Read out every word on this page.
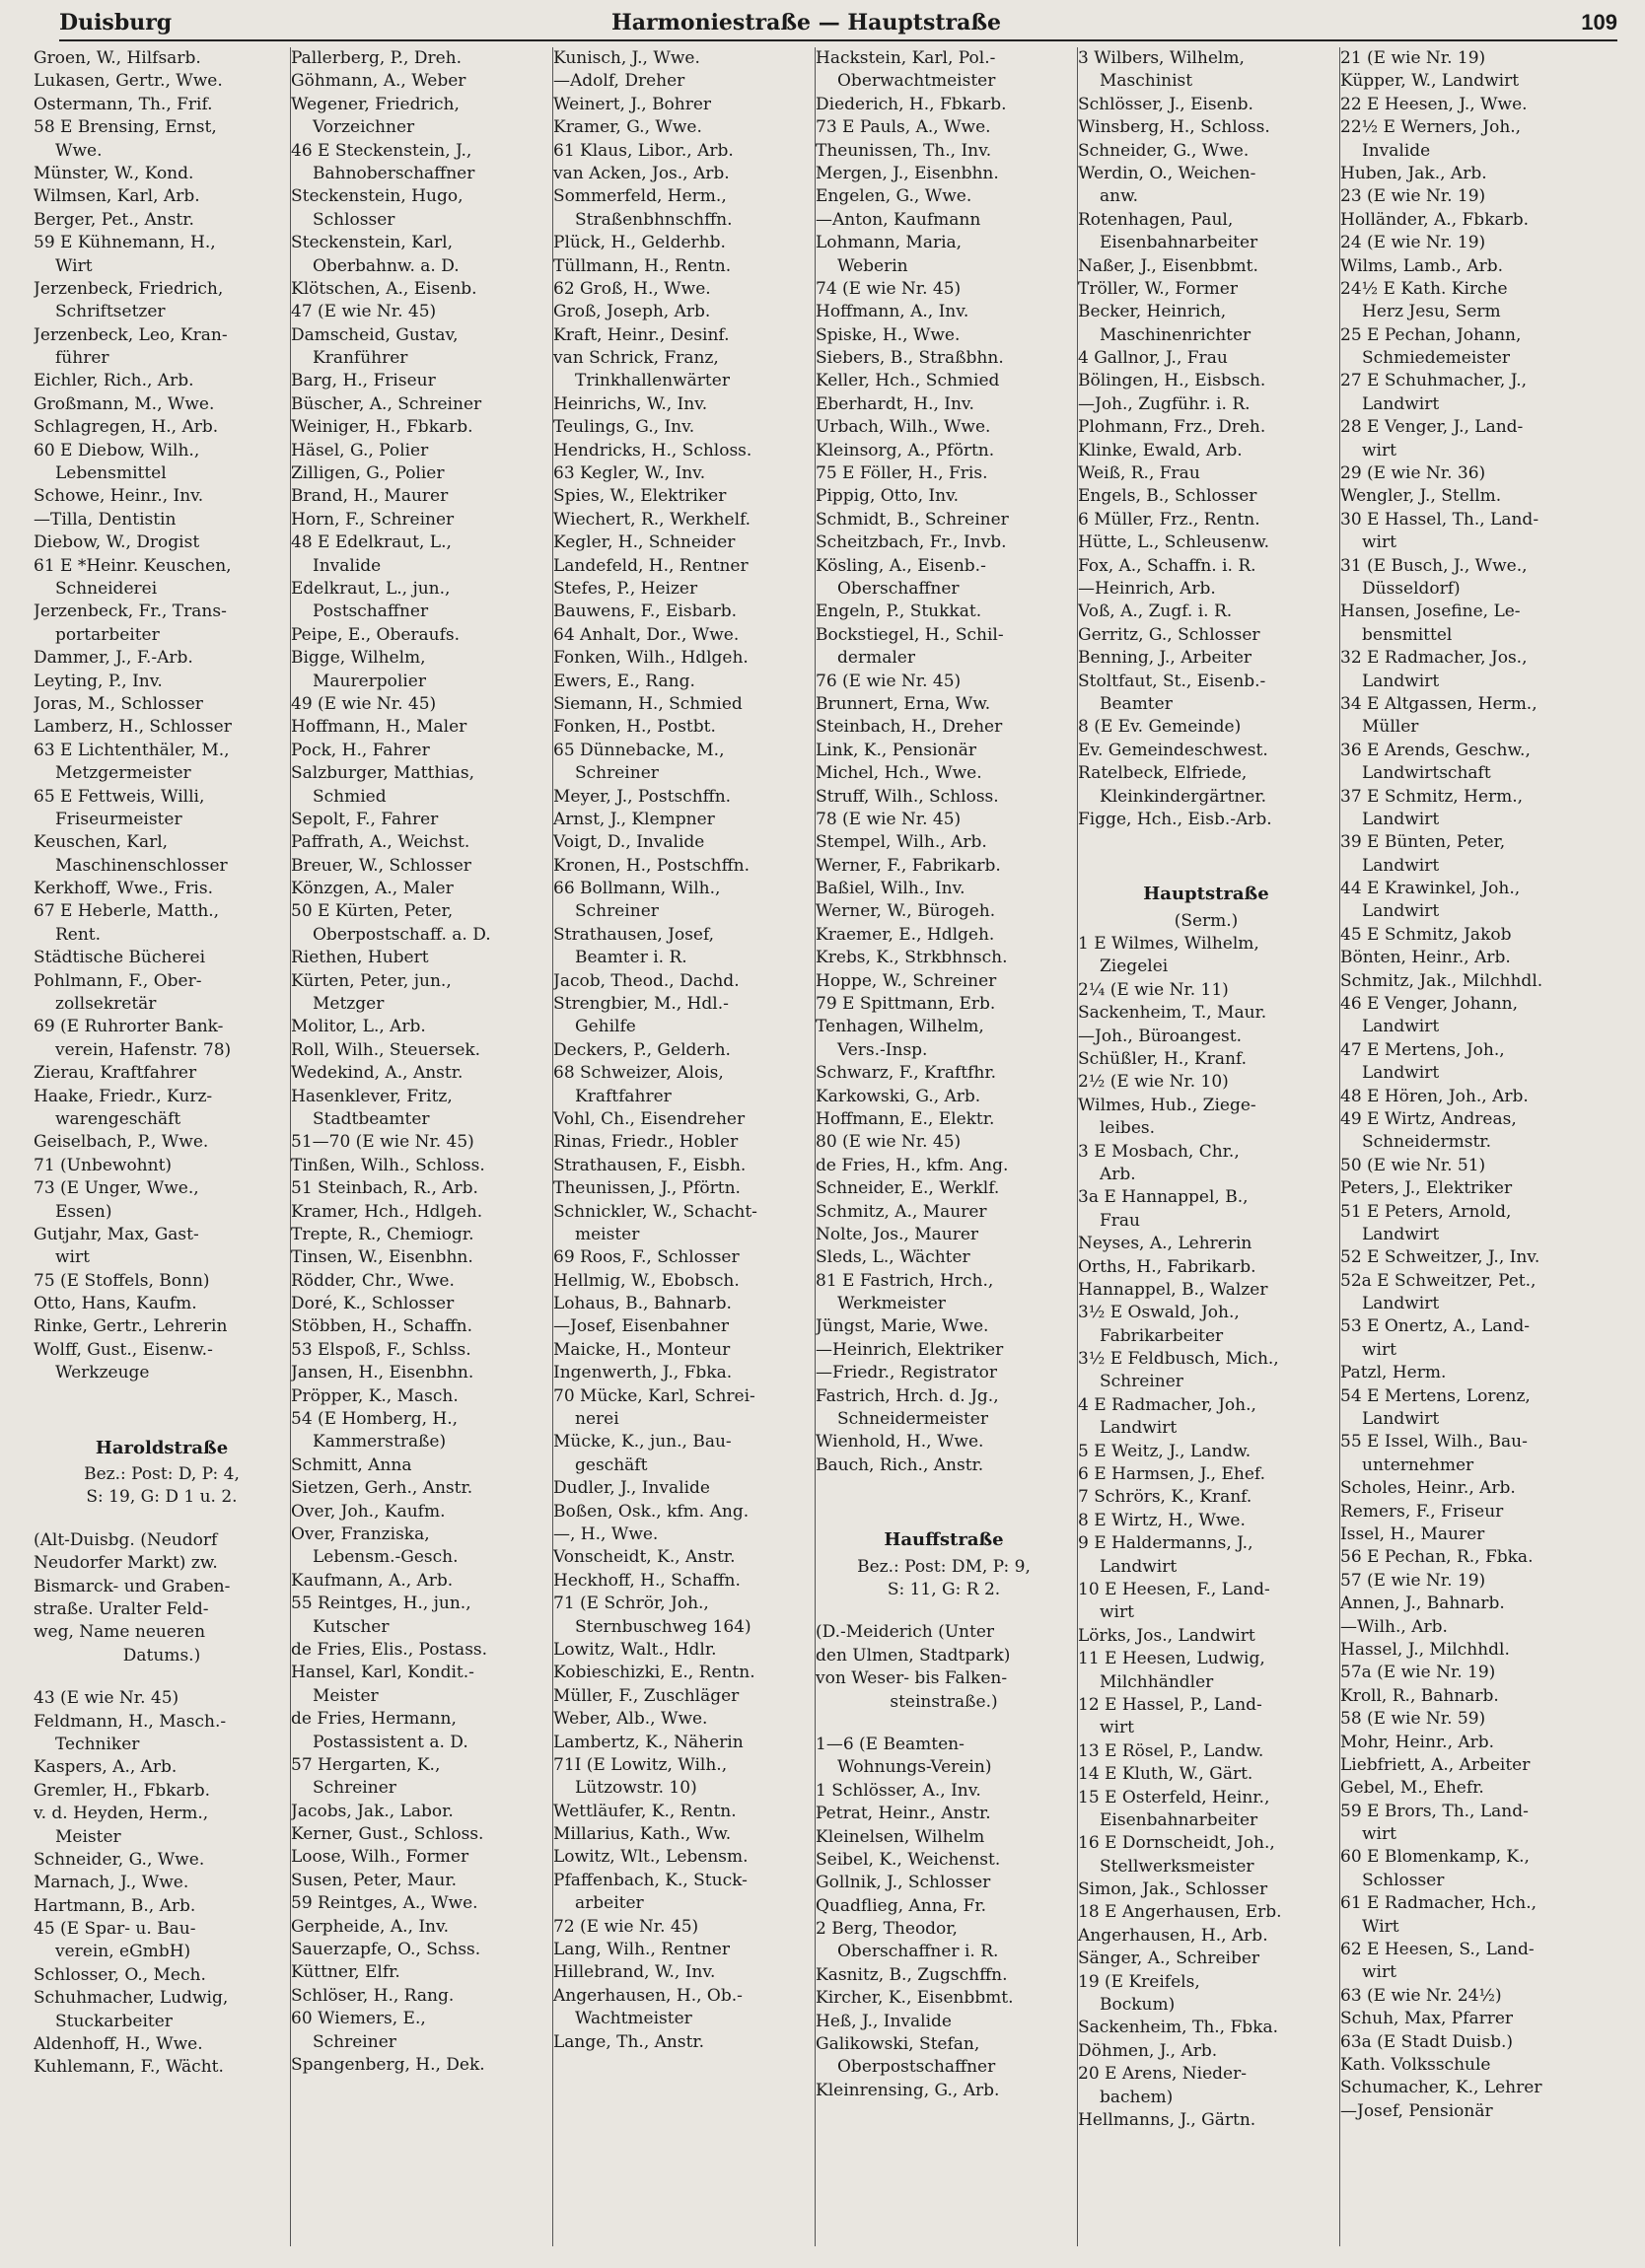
Duisburg	Harmoniestraße — Hauptstraße	109
Groen, W., Hilfsarb.
Lukasen, Gertr., Wwe.
Ostermann, Th., Frif.
58 E Brensing, Ernst,
Wwe.
Münster, W., Kond.
Wilmsen, Karl, Arb.
Berger, Pet., Anstr.
59 E Kühnemann, H.,
Wirt
Jerzenbeck, Friedrich,
Schriftsetzer
Jerzenbeck, Leo, Kran-
führer
Eichler, Rich., Arb.
Großmann, M., Wwe.
Schlagregen, H., Arb.
60 E Diebow, Wilh.,
Lebensmittel
Schowe, Heinr., Inv.
—Tilla, Dentistin
Diebow, W., Drogist
61 E *Heinr. Keuschen,
Schneiderei
Jerzenbeck, Fr., Trans-
portarbeiter
Dammer, J., F.-Arb.
Leyting, P., Inv.
Joras, M., Schlosser
Lamberz, H., Schlosser
63 E Lichtenthäler, M.,
Metzgermeister
65 E Fettweis, Willi,
Friseurmeister
Keuschen, Karl,
Maschinenschlosser
Kerkhoff, Wwe., Fris.
67 E Heberle, Matth.,
Rent.
Städtische Bücherei
Pohlmann, F., Ober-
zollsekretär
69 (E Ruhrorter Bank-
verein, Hafenstr. 78)
Zierau, Kraftfahrer
Haake, Friedr., Kurz-
warengeschäft
Geiselbach, P., Wwe.
71 (Unbewohnt)
73 (E Unger, Wwe.,
Essen)
Gutjahr, Max, Gast-
wirt
75 (E Stoffels, Bonn)
Otto, Hans, Kaufm.
Rinke, Gertr., Lehrerin
Wolff, Gust., Eisenw.-
Werkzeuge
Haroldstraße
Bez.: Post: D, P: 4,
S: 19, G: D 1 u. 2.
(Alt-Duisbg. (Neudorf
Neudorfer Markt) zw.
Bismarck- und Graben-
straße. Uralter Feld-
weg, Name neueren
Datums.)
43 (E wie Nr. 45)
Feldmann, H., Masch.-
Techniker
Kaspers, A., Arb.
Gremler, H., Fbkarb.
v. d. Heyden, Herm.,
Meister
Schneider, G., Wwe.
Marnach, J., Wwe.
Hartmann, B., Arb.
45 (E Spar- u. Bau-
verein, eGmbH)
Schlosser, O., Mech.
Schuhmacher, Ludwig,
Stuckarbeiter
Aldenhoff, H., Wwe.
Kuhlemann, F., Wächt.
Pallerberg, P., Dreh.
Göhmann, A., Weber
Wegener, Friedrich,
Vorzeichner
46 E Steckenstein, J.,
Bahnoberschaffner
Steckenstein, Hugo,
Schlosser
Steckenstein, Karl,
Oberbahnw. a. D.
Klötschen, A., Eisenb.
47 (E wie Nr. 45)
Damscheid, Gustav,
Kranführer
Barg, H., Friseur
Büscher, A., Schreiner
Weiniger, H., Fbkarb.
Häsel, G., Polier
Zilligen, G., Polier
Brand, H., Maurer
Horn, F., Schreiner
48 E Edelkraut, L.,
Invalide
Edelkraut, L., jun.,
Postschaffner
Peipe, E., Oberaufs.
Bigge, Wilhelm,
Maurerpolier
49 (E wie Nr. 45)
Hoffmann, H., Maler
Pock, H., Fahrer
Salzburger, Matthias,
Schmied
Sepolt, F., Fahrer
Paffrath, A., Weichst.
Breuer, W., Schlosser
Könzgen, A., Maler
50 E Kürten, Peter,
Oberpostschaff. a. D.
Riethen, Hubert
Kürten, Peter, jun.,
Metzger
Molitor, L., Arb.
Roll, Wilh., Steuersek.
Wedekind, A., Anstr.
Hasenklever, Fritz,
Stadtbeamter
51—70 (E wie Nr. 45)
Tinßen, Wilh., Schloss.
51 Steinbach, R., Arb.
Kramer, Hch., Hdlgeh.
Trepte, R., Chemiogr.
Tinsen, W., Eisenbhn.
Rödder, Chr., Wwe.
Doré, K., Schlosser
Stöbben, H., Schaffn.
53 Elspoß, F., Schlss.
Jansen, H., Eisenbhn.
Pröpper, K., Masch.
54 (E Homberg, H.,
Kammerstraße)
Schmitt, Anna
Sietzen, Gerh., Anstr.
Over, Joh., Kaufm.
Over, Franziska,
Lebensm.-Gesch.
Kaufmann, A., Arb.
55 Reintges, H., jun.,
Kutscher
de Fries, Elis., Postass.
Hansel, Karl, Kondit.-
Meister
de Fries, Hermann,
Postassistent a. D.
57 Hergarten, K.,
Schreiner
Jacobs, Jak., Labor.
Kerner, Gust., Schloss.
Loose, Wilh., Former
Susen, Peter, Maur.
59 Reintges, A., Wwe.
Gerpheide, A., Inv.
Sauerzapfe, O., Schss.
Küttner, Elfr.
Schlöser, H., Rang.
60 Wiemers, E.,
Schreiner
Spangenberg, H., Dek.
Kunisch, J., Wwe.
—Adolf, Dreher
Weinert, J., Bohrer
Kramer, G., Wwe.
61 Klaus, Libor., Arb.
van Acken, Jos., Arb.
Sommerfeld, Herm.,
Straßenbhnschffn.
Plück, H., Gelderhb.
Tüllmann, H., Rentn.
62 Groß, H., Wwe.
Groß, Joseph, Arb.
Kraft, Heinr., Desinf.
van Schrick, Franz,
Trinkhallenwärter
Heinrichs, W., Inv.
Teulings, G., Inv.
Hendricks, H., Schloss.
63 Kegler, W., Inv.
Spies, W., Elektriker
Wiechert, R., Werkhelf.
Kegler, H., Schneider
Landefeld, H., Rentner
Stefes, P., Heizer
Bauwens, F., Eisbarb.
64 Anhalt, Dor., Wwe.
Fonken, Wilh., Hdlgeh.
Ewers, E., Rang.
Siemann, H., Schmied
Fonken, H., Postbt.
65 Dünnebacke, M.,
Schreiner
Meyer, J., Postschffn.
Arnst, J., Klempner
Voigt, D., Invalide
Kronen, H., Postschffn.
66 Bollmann, Wilh.,
Schreiner
Strathausen, Josef,
Beamter i. R.
Jacob, Theod., Dachd.
Strengbier, M., Hdl.-
Gehilfe
Deckers, P., Gelderh.
68 Schweizer, Alois,
Kraftfahrer
Vohl, Ch., Eisendreher
Rinas, Friedr., Hobler
Strathausen, F., Eisbh.
Theunissen, J., Pförtn.
Schnickler, W., Schacht-
meister
69 Roos, F., Schlosser
Hellmig, W., Ebobsch.
Lohaus, B., Bahnarb.
—Josef, Eisenbahner
Maicke, H., Monteur
Ingenwerth, J., Fbka.
70 Mücke, Karl, Schrei-
nerei
Mücke, K., jun., Bau-
geschäft
Dudler, J., Invalide
Boßen, Osk., kfm. Ang.
—, H., Wwe.
Vonscheidt, K., Anstr.
Heckhoff, H., Schaffn.
71 (E Schrör, Joh.,
Sternbuschweg 164)
Lowitz, Walt., Hdlr.
Kobieschizki, E., Rentn.
Müller, F., Zuschläger
Weber, Alb., Wwe.
Lambertz, K., Näherin
71I (E Lowitz, Wilh.,
Lützowstr. 10)
Wettläufer, K., Rentn.
Millarius, Kath., Ww.
Lowitz, Wlt., Lebensm.
Pfaffenbach, K., Stuck-
arbeiter
72 (E wie Nr. 45)
Lang, Wilh., Rentner
Hillebrand, W., Inv.
Angerhausen, H., Ob.-
Wachtmeister
Lange, Th., Anstr.
Hackstein, Karl, Pol.-
Oberwachtmeister
Diederich, H., Fbkarb.
73 E Pauls, A., Wwe.
Theunissen, Th., Inv.
Mergen, J., Eisenbhn.
Engelen, G., Wwe.
—Anton, Kaufmann
Lohmann, Maria,
Weberin
74 (E wie Nr. 45)
Hoffmann, A., Inv.
Spiske, H., Wwe.
Siebers, B., Straßbhn.
Keller, Hch., Schmied
Eberhardt, H., Inv.
Urbach, Wilh., Wwe.
Kleinsorg, A., Pförtn.
75 E Föller, H., Fris.
Pippig, Otto, Inv.
Schmidt, B., Schreiner
Scheitzbach, Fr., Invb.
Kösling, A., Eisenb.-
Oberschaffner
Engeln, P., Stukkat.
Bockstiegel, H., Schil-
dermaler
76 (E wie Nr. 45)
Brunnert, Erna, Ww.
Steinbach, H., Dreher
Link, K., Pensionär
Michel, Hch., Wwe.
Struff, Wilh., Schloss.
78 (E wie Nr. 45)
Stempel, Wilh., Arb.
Werner, F., Fabrikarb.
Baßiel, Wilh., Inv.
Werner, W., Bürogeh.
Kraemer, E., Hdlgeh.
Krebs, K., Strkbhnsch.
Hoppe, W., Schreiner
79 E Spittmann, Erb.
Tenhagen, Wilhelm,
Vers.-Insp.
Schwarz, F., Kraftfhr.
Karkowski, G., Arb.
Hoffmann, E., Elektr.
80 (E wie Nr. 45)
de Fries, H., kfm. Ang.
Schneider, E., Werklf.
Schmitz, A., Maurer
Nolte, Jos., Maurer
Sleds, L., Wächter
81 E Fastrich, Hrch.,
Werkmeister
Jüngst, Marie, Wwe.
—Heinrich, Elektriker
—Friedr., Registrator
Fastrich, Hrch. d. Jg.,
Schneidermeister
Wienhold, H., Wwe.
Bauch, Rich., Anstr.
Hauffstraße
Bez.: Post: DM, P: 9,
S: 11, G: R 2.
(D.-Meiderich (Unter
den Ulmen, Stadtpark)
von Weser- bis Falken-
steinstraße.)
1—6 (E Beamten-
Wohnungs-Verein)
1 Schlösser, A., Inv.
Petrat, Heinr., Anstr.
Kleinelsen, Wilhelm
Seibel, K., Weichenst.
Gollnik, J., Schlosser
Quadflieg, Anna, Fr.
2 Berg, Theodor,
Oberschaffner i. R.
Kasnitz, B., Zugschffn.
Kircher, K., Eisenbbmt.
Heß, J., Invalide
Galikowski, Stefan,
Oberpostschaffner
Kleinrensing, G., Arb.
3 Wilbers, Wilhelm,
Maschinist
Schlösser, J., Eisenb.
Winsberg, H., Schloss.
Schneider, G., Wwe.
Werdin, O., Weichen-
anw.
Rotenhagen, Paul,
Eisenbahnarbeiter
Naßer, J., Eisenbbmt.
Tröller, W., Former
Becker, Heinrich,
Maschinenrichter
4 Gallnor, J., Frau
Bölingen, H., Eisbsch.
—Joh., Zugführ. i. R.
Plohmann, Frz., Dreh.
Klinke, Ewald, Arb.
Weiß, R., Frau
Engels, B., Schlosser
6 Müller, Frz., Rentn.
Hütte, L., Schleusenw.
Fox, A., Schaffn. i. R.
—Heinrich, Arb.
Voß, A., Zugf. i. R.
Gerritz, G., Schlosser
Benning, J., Arbeiter
Stoltfaut, St., Eisenb.-
Beamter
8 (E Ev. Gemeinde)
Ev. Gemeindeschwest.
Ratelbeck, Elfriede,
Kleinkindergärtner.
Figge, Hch., Eisb.-Arb.
Hauptstraße
(Serm.)
1 E Wilmes, Wilhelm,
Ziegelei
2¼ (E wie Nr. 11)
Sackenheim, T., Maur.
—Joh., Büroangest.
Schüßler, H., Kranf.
2½ (E wie Nr. 10)
Wilmes, Hub., Ziege-
leibes.
3 E Mosbach, Chr.,
Arb.
3a E Hannappel, B.,
Frau
Neyses, A., Lehrerin
Orths, H., Fabrikarb.
Hannappel, B., Walzer
3½ E Oswald, Joh.,
Fabrikarbeiter
3½ E Feldbusch, Mich.,
Schreiner
4 E Radmacher, Joh.,
Landwirt
5 E Weitz, J., Landw.
6 E Harmsen, J., Ehef.
7 Schrörs, K., Kranf.
8 E Wirtz, H., Wwe.
9 E Haldermanns, J.,
Landwirt
10 E Heesen, F., Land-
wirt
Lörks, Jos., Landwirt
11 E Heesen, Ludwig,
Milchhändler
12 E Hassel, P., Land-
wirt
13 E Rösel, P., Landw.
14 E Kluth, W., Gärt.
15 E Osterfeld, Heinr.,
Eisenbahnarbeiter
16 E Dornscheidt, Joh.,
Stellwerksmeister
Simon, Jak., Schlosser
18 E Angerhausen, Erb.
Angerhausen, H., Arb.
Sänger, A., Schreiber
19 (E Kreifels,
Bockum)
Sackenheim, Th., Fbka.
Döhmen, J., Arb.
20 E Arens, Nieder-
bachem)
Hellmanns, J., Gärtn.
21 (E wie Nr. 19)
Küpper, W., Landwirt
22 E Heesen, J., Wwe.
22½ E Werners, Joh.,
Invalide
Huben, Jak., Arb.
23 (E wie Nr. 19)
Holländer, A., Fbkarb.
24 (E wie Nr. 19)
Wilms, Lamb., Arb.
24½ E Kath. Kirche
Herz Jesu, Serm
25 E Pechan, Johann,
Schmiedemeister
27 E Schuhmacher, J.,
Landwirt
28 E Venger, J., Land-
wirt
29 (E wie Nr. 36)
Wengler, J., Stellm.
30 E Hassel, Th., Land-
wirt
31 (E Busch, J., Wwe.,
Düsseldorf)
Hansen, Josefine, Le-
bensmittel
32 E Radmacher, Jos.,
Landwirt
34 E Altgassen, Herm.,
Müller
36 E Arends, Geschw.,
Landwirtschaft
37 E Schmitz, Herm.,
Landwirt
39 E Bünten, Peter,
Landwirt
44 E Krawinkel, Joh.,
Landwirt
45 E Schmitz, Jakob
Bönten, Heinr., Arb.
Schmitz, Jak., Milchhdl.
46 E Venger, Johann,
Landwirt
47 E Mertens, Joh.,
Landwirt
48 E Hören, Joh., Arb.
49 E Wirtz, Andreas,
Schneidermstr.
50 (E wie Nr. 51)
Peters, J., Elektriker
51 E Peters, Arnold,
Landwirt
52 E Schweitzer, J., Inv.
52a E Schweitzer, Pet.,
Landwirt
53 E Onertz, A., Land-
wirt
Patzl, Herm.
54 E Mertens, Lorenz,
Landwirt
55 E Issel, Wilh., Bau-
unternehmer
Scholes, Heinr., Arb.
Remers, F., Friseur
Issel, H., Maurer
56 E Pechan, R., Fbka.
57 (E wie Nr. 19)
Annen, J., Bahnarb.
—Wilh., Arb.
Hassel, J., Milchhdl.
57a (E wie Nr. 19)
Kroll, R., Bahnarb.
58 (E wie Nr. 59)
Mohr, Heinr., Arb.
Liebfriett, A., Arbeiter
Gebel, M., Ehefr.
59 E Brors, Th., Land-
wirt
60 E Blomenkamp, K.,
Schlosser
61 E Radmacher, Hch.,
Wirt
62 E Heesen, S., Land-
wirt
63 (E wie Nr. 24½)
Schuh, Max, Pfarrer
63a (E Stadt Duisb.)
Kath. Volksschule
Schumacher, K., Lehrer
—Josef, Pensionär
